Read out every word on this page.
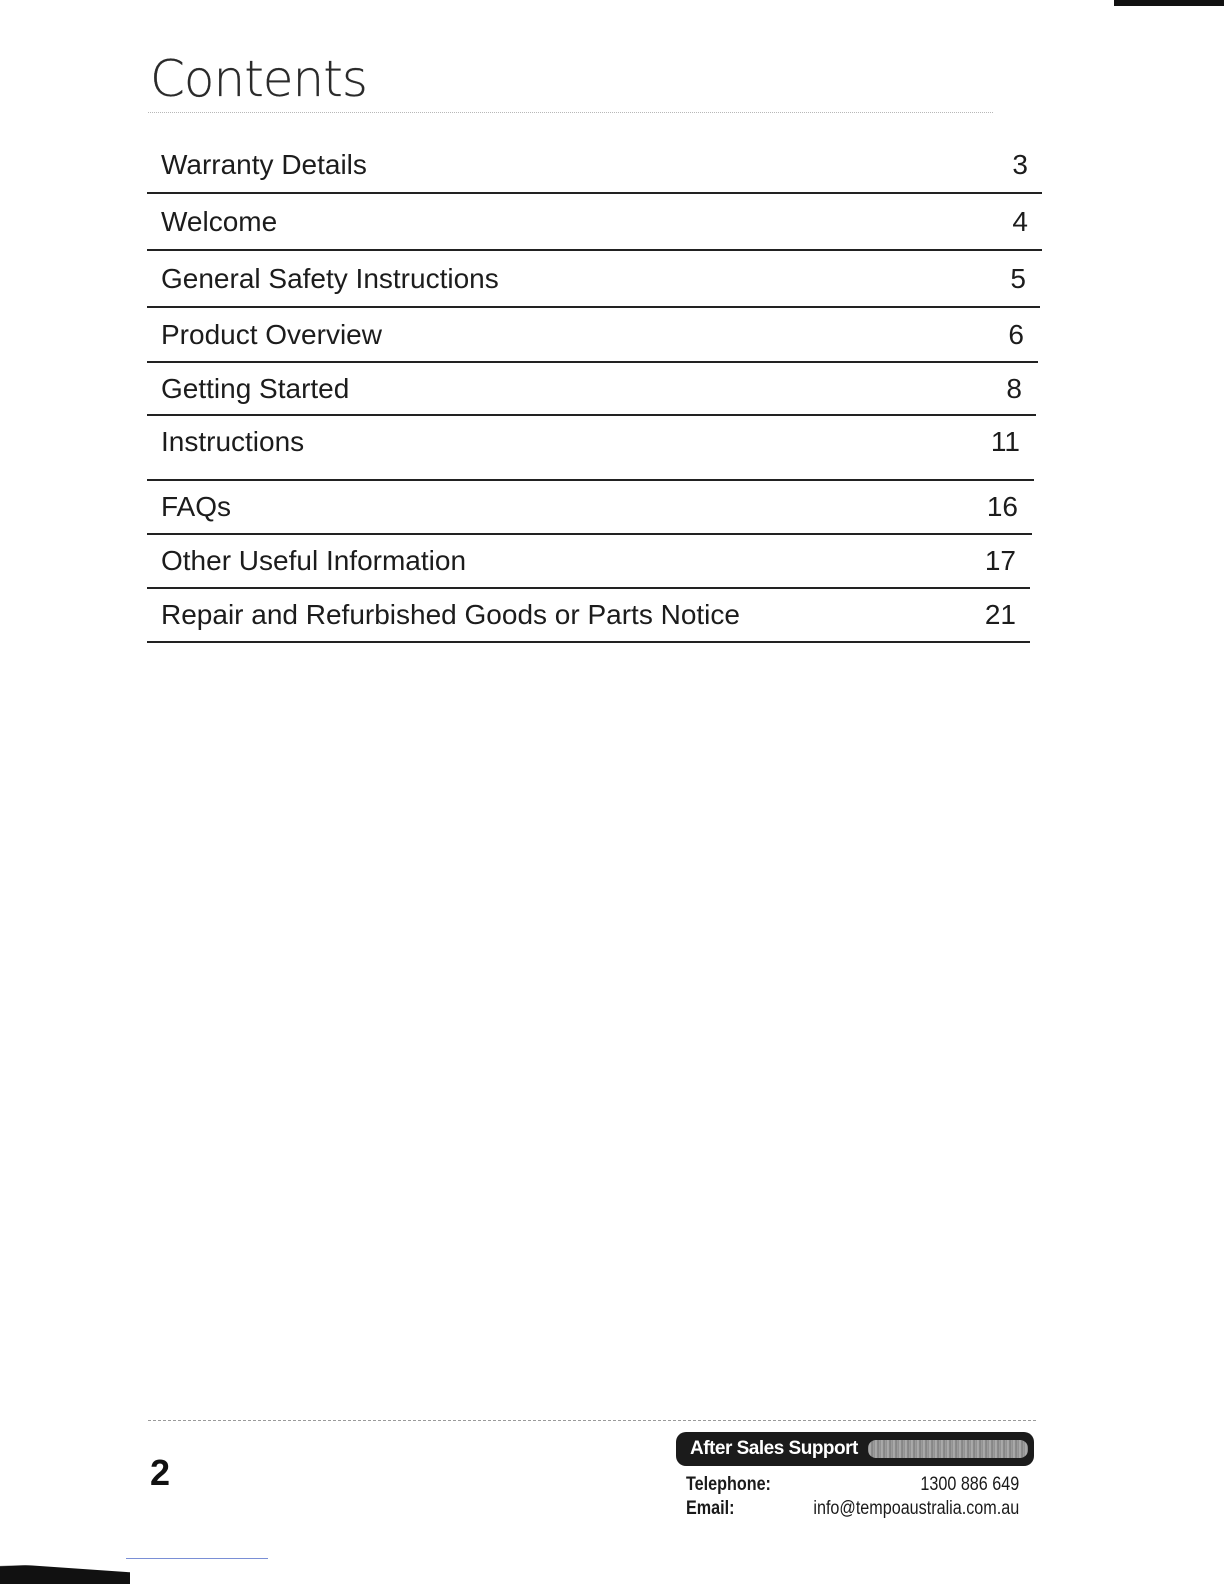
Contents
Warranty Details	3
Welcome	4
General Safety Instructions	5
Product Overview	6
Getting Started	8
Instructions	11
FAQs	16
Other Useful Information	17
Repair and Refurbished Goods or Parts Notice	21
2
After Sales Support
Telephone:	1300 886 649
Email:	info@tempoaustralia.com.au
